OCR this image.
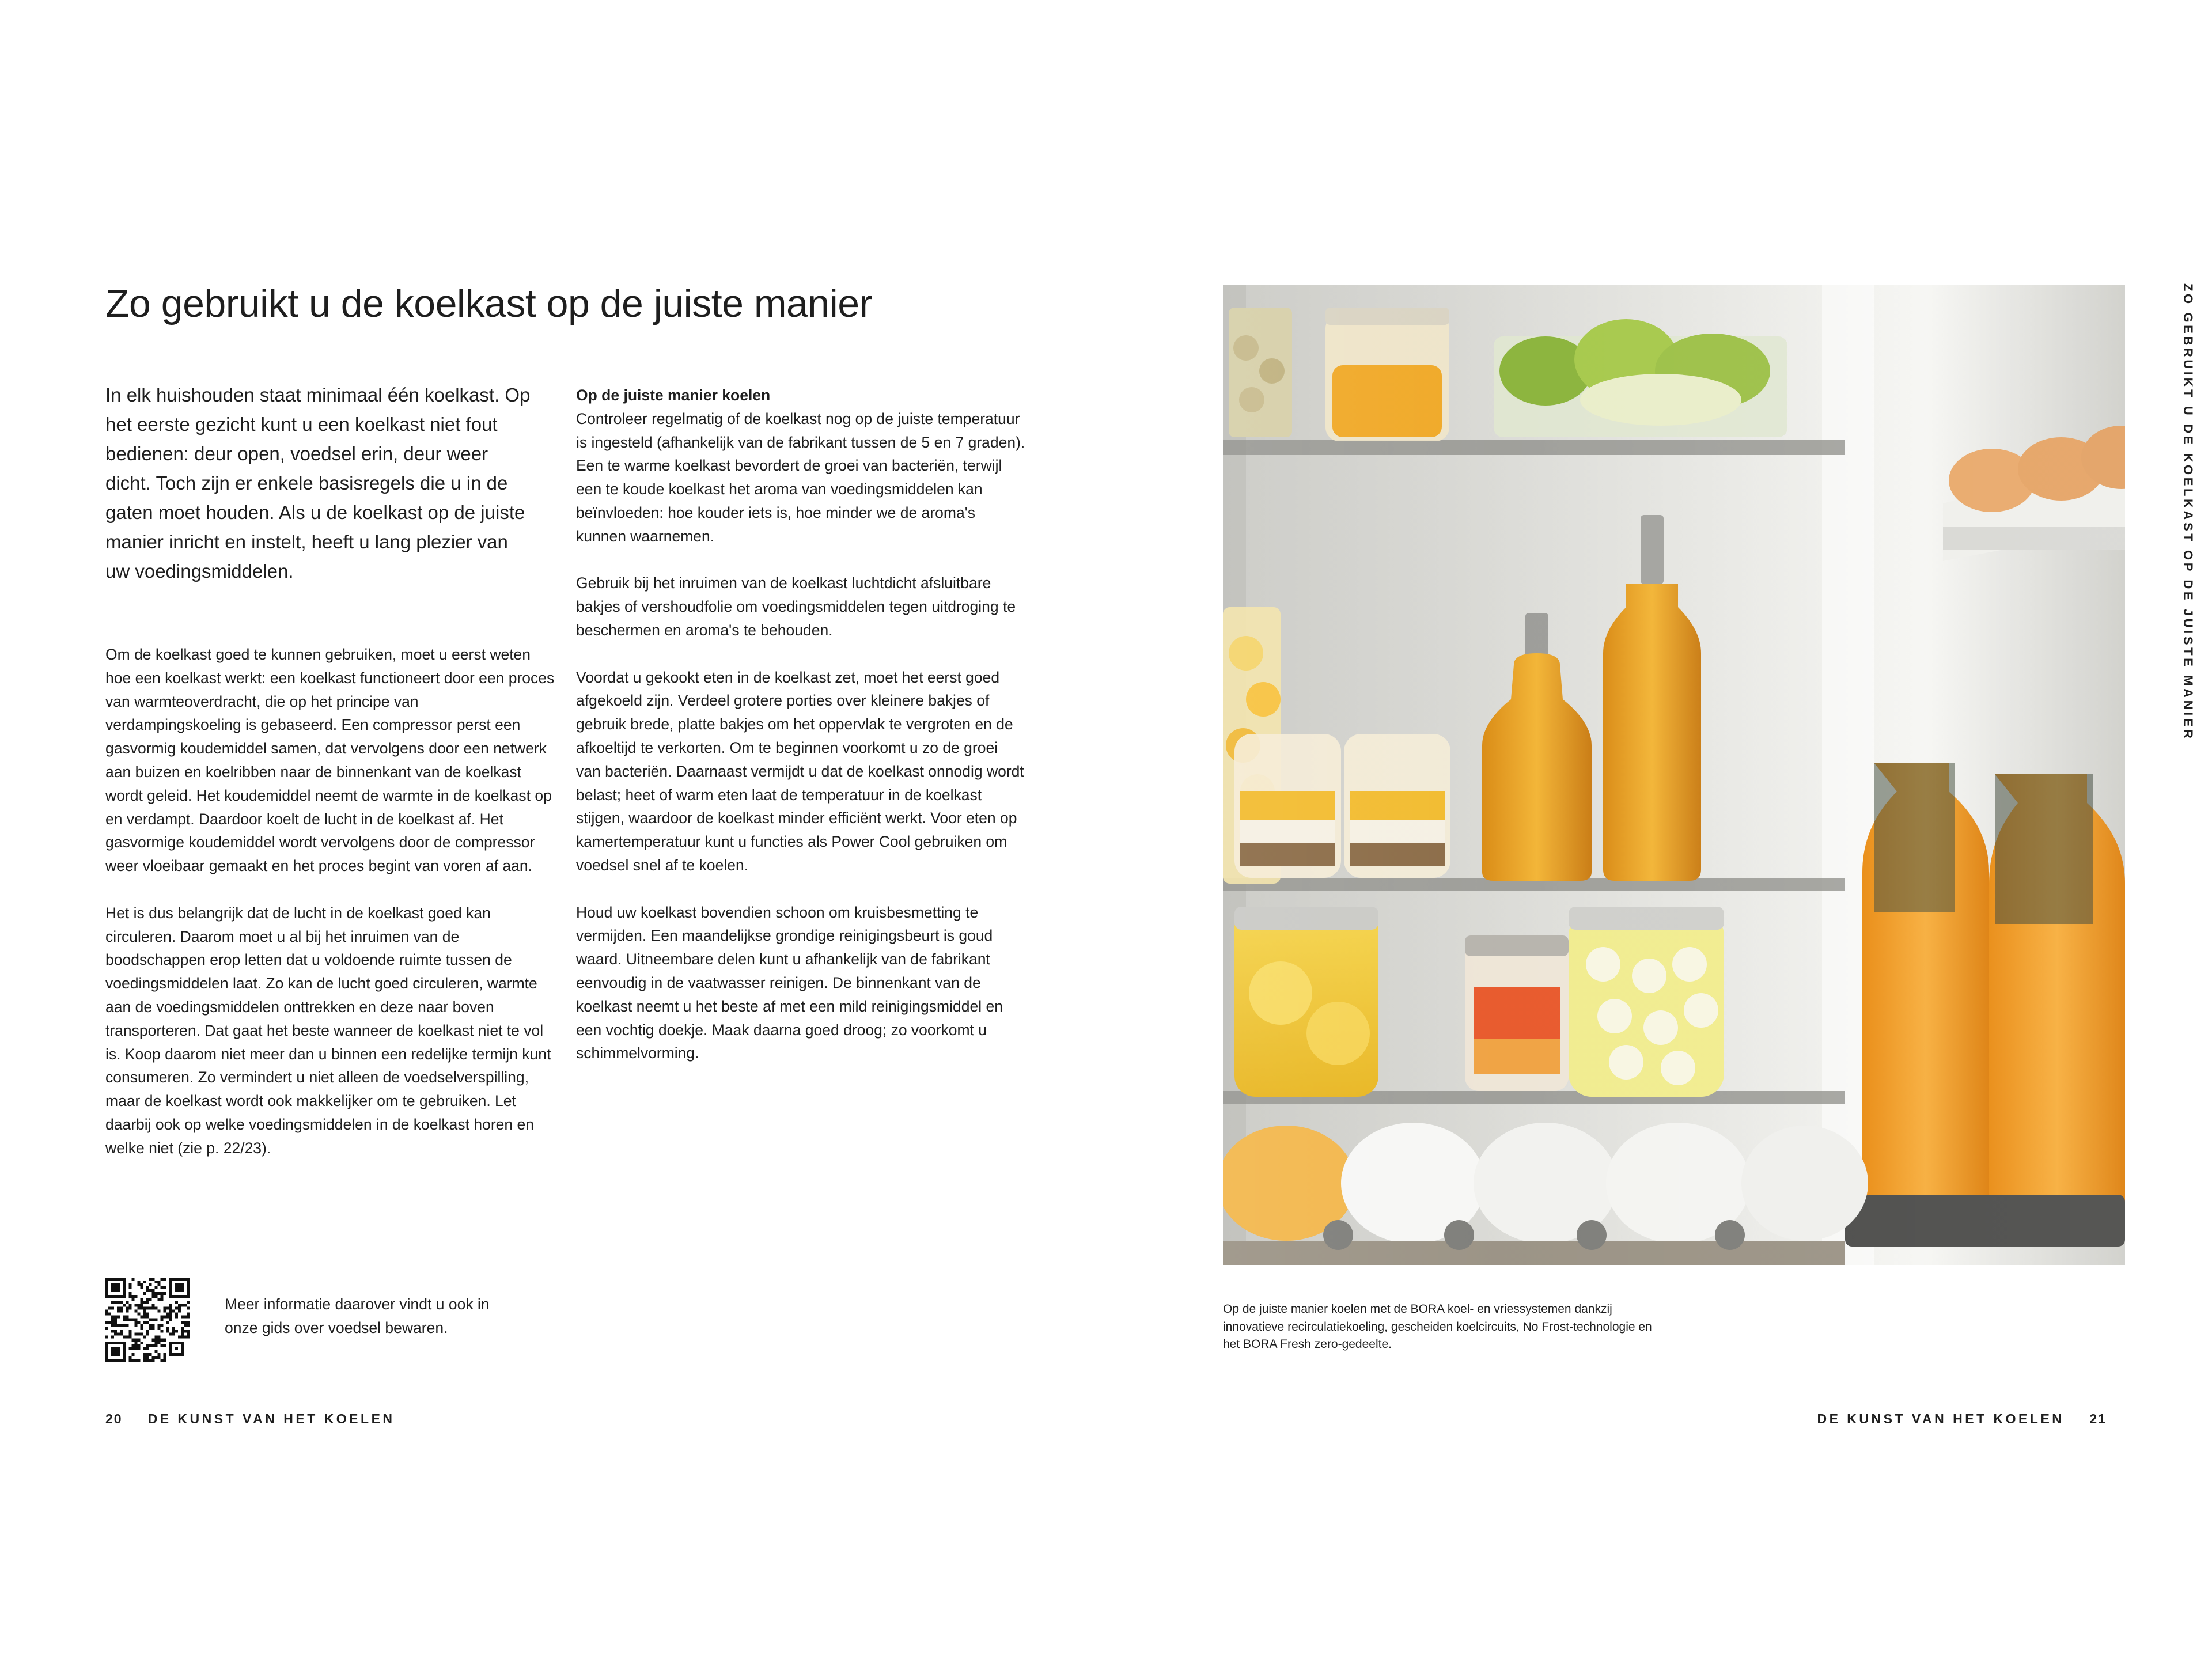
Zo gebruikt u de koelkast op de juiste manier

In elk huishouden staat minimaal één koelkast. Op het eerste gezicht kunt u een koelkast niet fout bedienen: deur open, voedsel erin, deur weer dicht. Toch zijn er enkele basisregels die u in de gaten moet houden. Als u de koelkast op de juiste manier inricht en instelt, heeft u lang plezier van uw voedingsmiddelen.

Om de koelkast goed te kunnen gebruiken, moet u eerst weten hoe een koelkast werkt: een koelkast functioneert door een proces van warmteoverdracht, die op het principe van verdampingskoeling is gebaseerd. Een compressor perst een gasvormig koudemiddel samen, dat vervolgens door een netwerk aan buizen en koelribben naar de binnenkant van de koelkast wordt geleid. Het koudemiddel neemt de warmte in de koelkast op en verdampt. Daardoor koelt de lucht in de koelkast af. Het gasvormige koudemiddel wordt vervolgens door de compressor weer vloeibaar gemaakt en het proces begint van voren af aan.

Het is dus belangrijk dat de lucht in de koelkast goed kan circuleren. Daarom moet u al bij het inruimen van de boodschappen erop letten dat u voldoende ruimte tussen de voedingsmiddelen laat. Zo kan de lucht goed circuleren, warmte aan de voedingsmiddelen onttrekken en deze naar boven transporteren. Dat gaat het beste wanneer de koelkast niet te vol is. Koop daarom niet meer dan u binnen een redelijke termijn kunt consumeren. Zo vermindert u niet alleen de voedselverspilling, maar de koelkast wordt ook makkelijker om te gebruiken. Let daarbij ook op welke voedingsmiddelen in de koelkast horen en welke niet (zie p. 22/23).

Op de juiste manier koelen

Controleer regelmatig of de koelkast nog op de juiste temperatuur is ingesteld (afhankelijk van de fabrikant tussen de 5 en 7 graden). Een te warme koelkast bevordert de groei van bacteriën, terwijl een te koude koelkast het aroma van voedingsmiddelen kan beïnvloeden: hoe kouder iets is, hoe minder we de aroma's kunnen waarnemen.

Gebruik bij het inruimen van de koelkast luchtdicht afsluitbare bakjes of vershoudfolie om voedingsmiddelen tegen uitdroging te beschermen en aroma's te behouden.

Voordat u gekookt eten in de koelkast zet, moet het eerst goed afgekoeld zijn. Verdeel grotere porties over kleinere bakjes of gebruik brede, platte bakjes om het oppervlak te vergroten en de afkoeltijd te verkorten. Om te beginnen voorkomt u zo de groei van bacteriën. Daarnaast vermijdt u dat de koelkast onnodig wordt belast; heet of warm eten laat de temperatuur in de koelkast stijgen, waardoor de koelkast minder efficiënt werkt. Voor eten op kamertemperatuur kunt u functies als Power Cool gebruiken om voedsel snel af te koelen.

Houd uw koelkast bovendien schoon om kruisbesmetting te vermijden. Een maandelijkse grondige reinigingsbeurt is goud waard. Uitneembare delen kunt u afhankelijk van de fabrikant eenvoudig in de vaatwasser reinigen. De binnenkant van de koelkast neemt u het beste af met een mild reinigingsmiddel en een vochtig doekje. Maak daarna goed droog; zo voorkomt u schimmelvorming.

Meer informatie daarover vindt u ook in onze gids over voedsel bewaren.

20 DE KUNST VAN HET KOELEN

Op de juiste manier koelen met de BORA koel- en vriessystemen dankzij innovatieve recirculatiekoeling, gescheiden koelcircuits, No Frost-technologie en het BORA Fresh zero-gedeelte.

ZO GEBRUIKT U DE KOELKAST OP DE JUISTE MANIER
DE KUNST VAN HET KOELEN 21
